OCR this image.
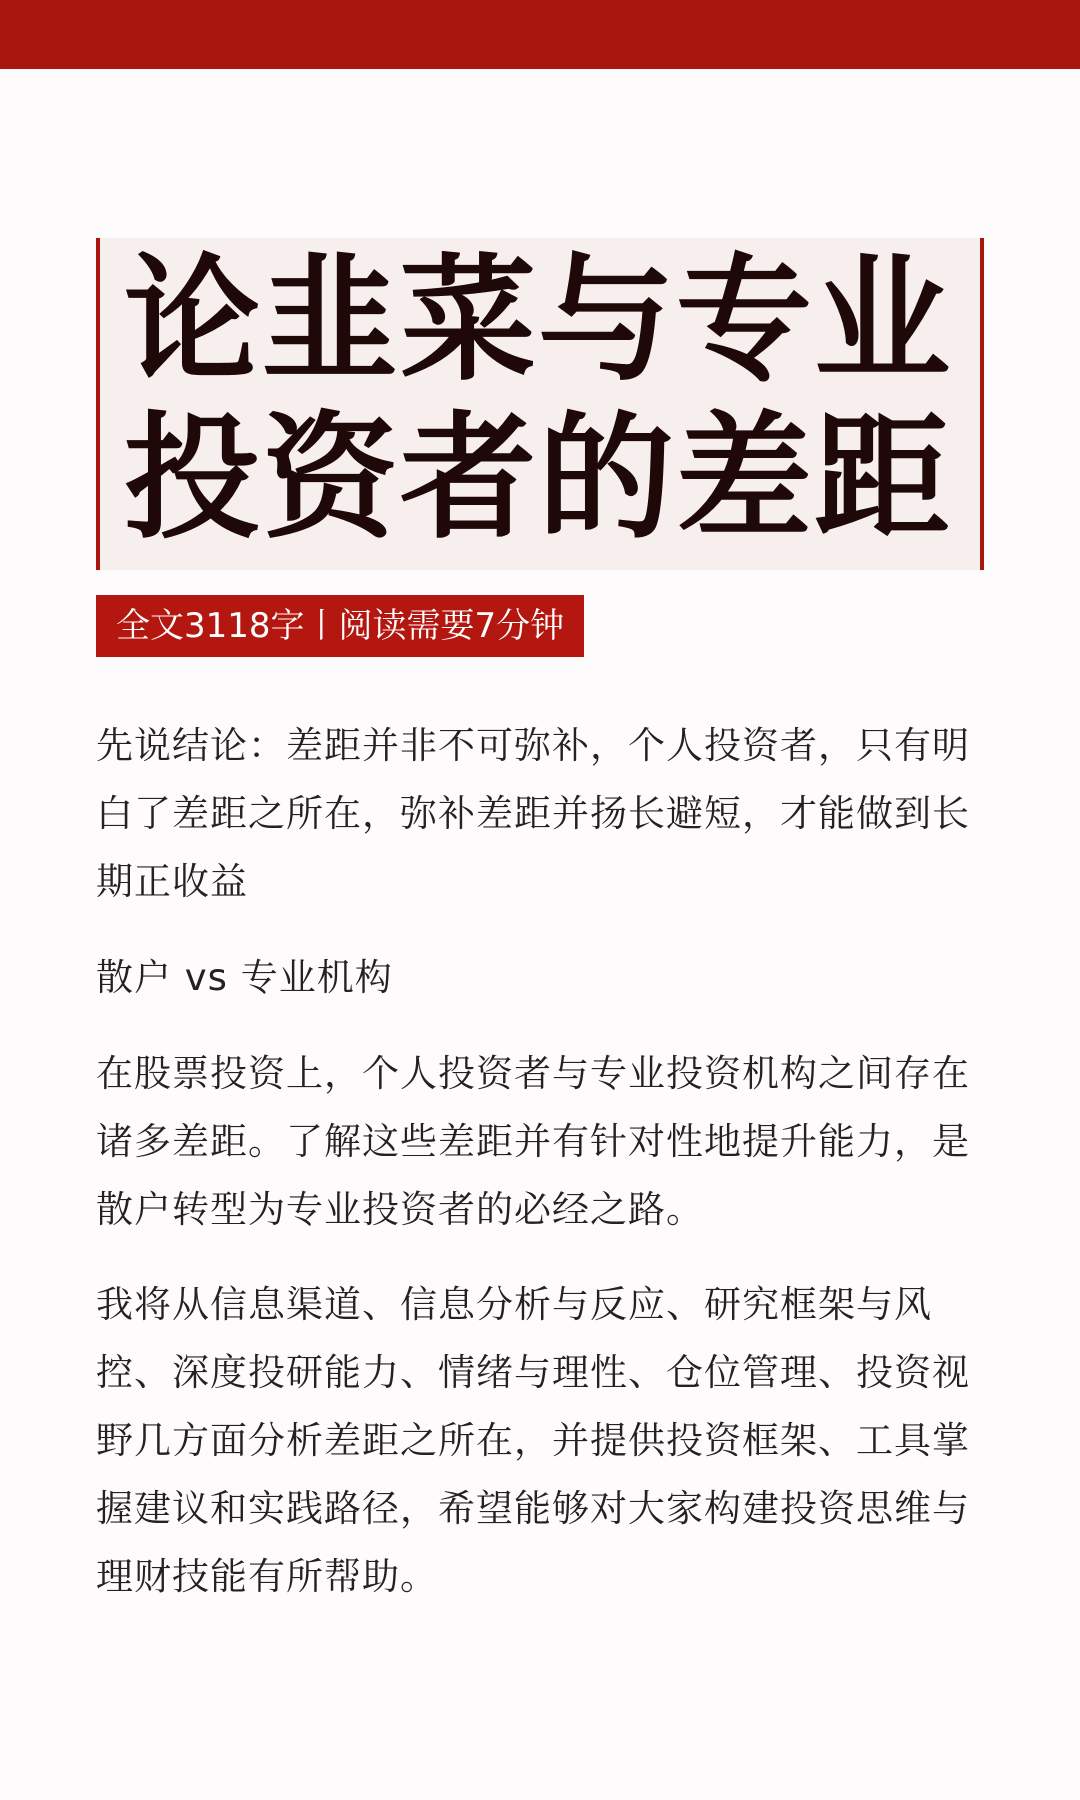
论韭菜与专业
投资者的差距
全文3118字丨阅读需要7分钟

先说结论：差距并非不可弥补，个人投资者，只有明白了差距之所在，弥补差距并扬长避短，才能做到长期正收益

散户 vs 专业机构

在股票投资上，个人投资者与专业投资机构之间存在诸多差距。了解这些差距并有针对性地提升能力，是散户转型为专业投资者的必经之路。

我将从信息渠道、信息分析与反应、研究框架与风控、深度投研能力、情绪与理性、仓位管理、投资视野几方面分析差距之所在，并提供投资框架、工具掌握建议和实践路径，希望能够对大家构建投资思维与理财技能有所帮助。
